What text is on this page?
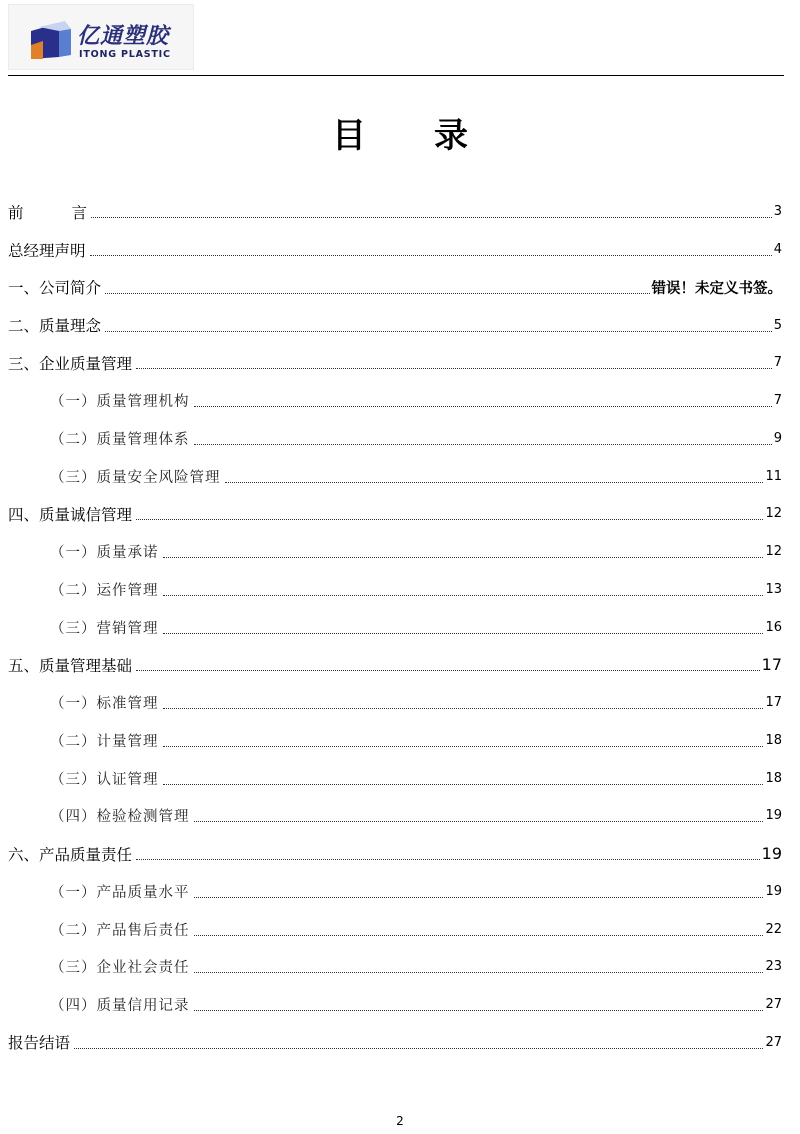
亿通塑胶
ITONG PLASTIC
目　　录
前	言	3
总经理声明	4
一、公司简介	错误！未定义书签。
二、质量理念	5
三、企业质量管理	7
（一）质量管理机构	7
（二）质量管理体系	9
（三）质量安全风险管理	11
四、质量诚信管理	12
（一）质量承诺	12
（二）运作管理	13
（三）营销管理	16
五、质量管理基础	17
（一）标准管理	17
（二）计量管理	18
（三）认证管理	18
（四）检验检测管理	19
六、产品质量责任	19
（一）产品质量水平	19
（二）产品售后责任	22
（三）企业社会责任	23
（四）质量信用记录	27
报告结语	27
2
